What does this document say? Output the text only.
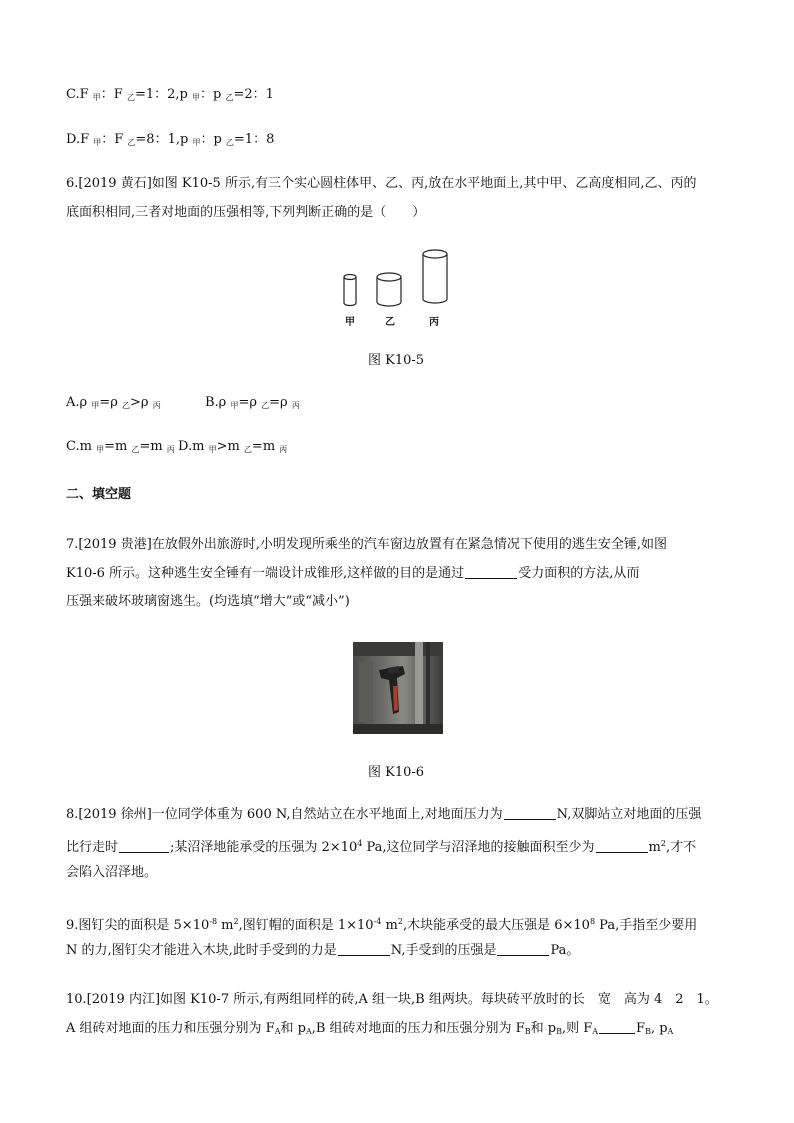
C.F $_甲$：F $_乙$=1：2,p $_甲$：p $_乙$=2：1
D.F $_甲$：F $_乙$=8：1,p $_甲$：p $_乙$=1：8
6.[2019 黄石]如图 K10-5 所示,有三个实心圆柱体甲、乙、丙,放在水平地面上,其中甲、乙高度相同,乙、丙的
底面积相同,三者对地面的压强相等,下列判断正确的是（　　）
甲	乙	丙
图 K10-5
A.ρ $_甲$=ρ $_乙$>ρ $_丙$	B.ρ $_甲$=ρ $_乙$=ρ $_丙$
C.m $_甲$=m $_乙$=m $_丙$ D.m $_甲$>m $_乙$=m $_丙$
二、填空题
7.[2019 贵港]在放假外出旅游时,小明发现所乘坐的汽车窗边放置有在紧急情况下使用的逃生安全锤,如图
K10-6 所示。这种逃生安全锤有一端设计成锥形,这样做的目的是通过	受力面积的方法,从而
压强来破坏玻璃窗逃生。(均选填“增大”或“减小”)
图 K10-6
8.[2019 徐州]一位同学体重为 600 N,自然站立在水平地面上,对地面压力为	N,双脚站立对地面的压强
比行走时	;某沼泽地能承受的压强为 $2\times 10^4$ Pa,这位同学与沼泽地的接触面积至少为	$m^2$,才不
会陷入沼泽地。
9.图钉尖的面积是 $5\times 10^{-8}$ $m^2$,图钉帽的面积是 $1\times 10^{-4}$ $m^2$,木块能承受的最大压强是 $6\times 10^8$ Pa,手指至少要用
N 的力,图钉尖才能进入木块,此时手受到的力是	N,手受到的压强是	Pa。
10.[2019 内江]如图 K10-7 所示,有两组同样的砖,A 组一块,B 组两块。每块砖平放时的长　宽　高为 4　2　1。
A 组砖对地面的压力和压强分别为 $F_A$和 $p_A,B$ 组砖对地面的压力和压强分别为 $F_B$和 $p_B$,则 $F_A$	$F_B$, $p_A$
